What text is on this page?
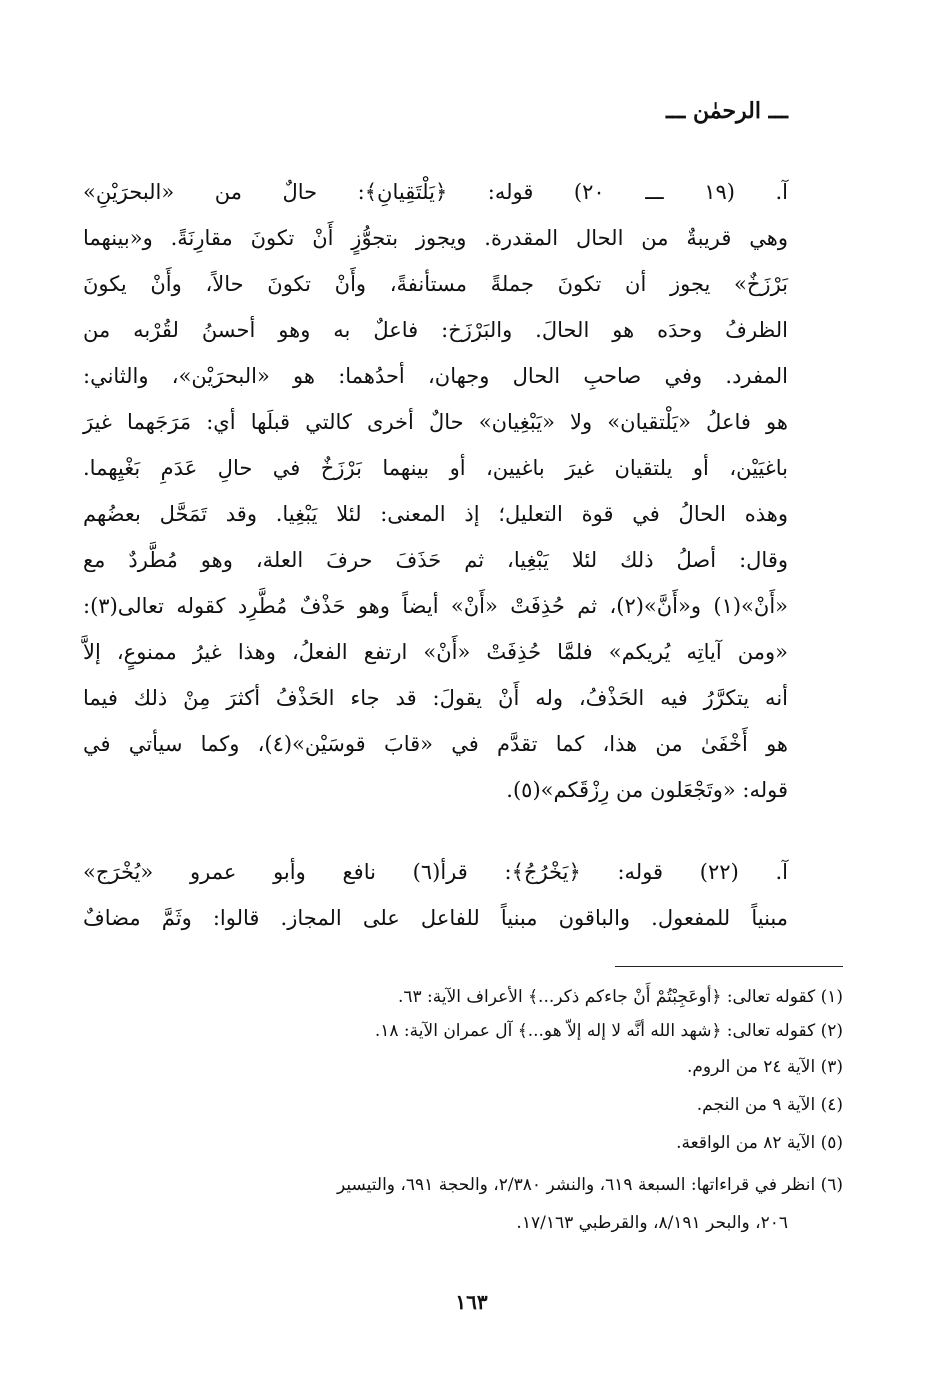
ـــ الرحمٰن ـــ
آ. (١٩ ـــ ٢٠) قوله: ﴿يَلْتَقِيانِ﴾: حالٌ من «البحرَيْنِ»
وهي قريبةٌ من الحال المقدرة. ويجوز بتجوُّزٍ أَنْ تكونَ مقارِنَةً. و«بينهما
بَرْزَخٌ» يجوز أن تكونَ جملةً مستأنفةً، وأَنْ تكونَ حالاً، وأَنْ يكونَ
الظرفُ وحدَه هو الحالَ. والبَرْزَخ: فاعلٌ به وهو أحسنُ لقُرْبه من
المفرد. وفي صاحبِ الحال وجهان، أحدُهما: هو «البحرَيْن»، والثاني:
هو فاعلُ «يَلْتقيان» ولا «يَبْغِيان» حالٌ أخرى كالتي قبلَها أي: مَرَجَهما غيرَ
باغيَيْن، أو يلتقيان غيرَ باغيين، أو بينهما بَرْزَخٌ في حالِ عَدَمِ بَغْيِهما.
وهذه الحالُ في قوة التعليل؛ إذ المعنى: لئلا يَبْغِيا. وقد تَمَحَّل بعضُهم
وقال: أصلُ ذلك لئلا يَبْغِيا، ثم حَذَفَ حرفَ العلة، وهو مُطَّردٌ مع
«أَنْ»(١) و«أَنَّ»(٢)، ثم حُذِفَتْ «أَنْ» أيضاً وهو حَذْفٌ مُطَّرِد كقوله تعالى(٣):
«ومن آياتِه يُريكم» فلمَّا حُذِفَتْ «أَنْ» ارتفع الفعلُ، وهذا غيرُ ممنوعٍ، إلاَّ
أنه يتكرَّرُ فيه الحَذْفُ، وله أَنْ يقولَ: قد جاء الحَذْفُ أكثرَ مِنْ ذلك فيما
هو أَخْفَىٰ من هذا، كما تقدَّم في «قابَ قوسَيْن»(٤)، وكما سيأتي في
قوله: «وتَجْعَلون من رِزْقَكم»(٥).
آ. (٢٢) قوله: ﴿يَخْرُجُ﴾: قرأ(٦) نافع وأبو عمرو «يُخْرَج»
مبنياً للمفعول. والباقون مبنياً للفاعل على المجاز. قالوا: وثَمَّ مضافٌ
(١) كقوله تعالى: ﴿أوعَجِبْتُمْ أَنْ جاءكم ذكر...﴾ الأعراف الآية: ٦٣.
(٢) كقوله تعالى: ﴿شهد الله أنَّه لا إله إلاّ هو...﴾ آل عمران الآية: ١٨.
(٣) الآية ٢٤ من الروم.
(٤) الآية ٩ من النجم.
(٥) الآية ٨٢ من الواقعة.
(٦) انظر في قراءاتها: السبعة ٦١٩، والنشر ٢/٣٨٠، والحجة ٦٩١، والتيسير
٢٠٦، والبحر ٨/١٩١، والقرطبي ١٧/١٦٣.
١٦٣
